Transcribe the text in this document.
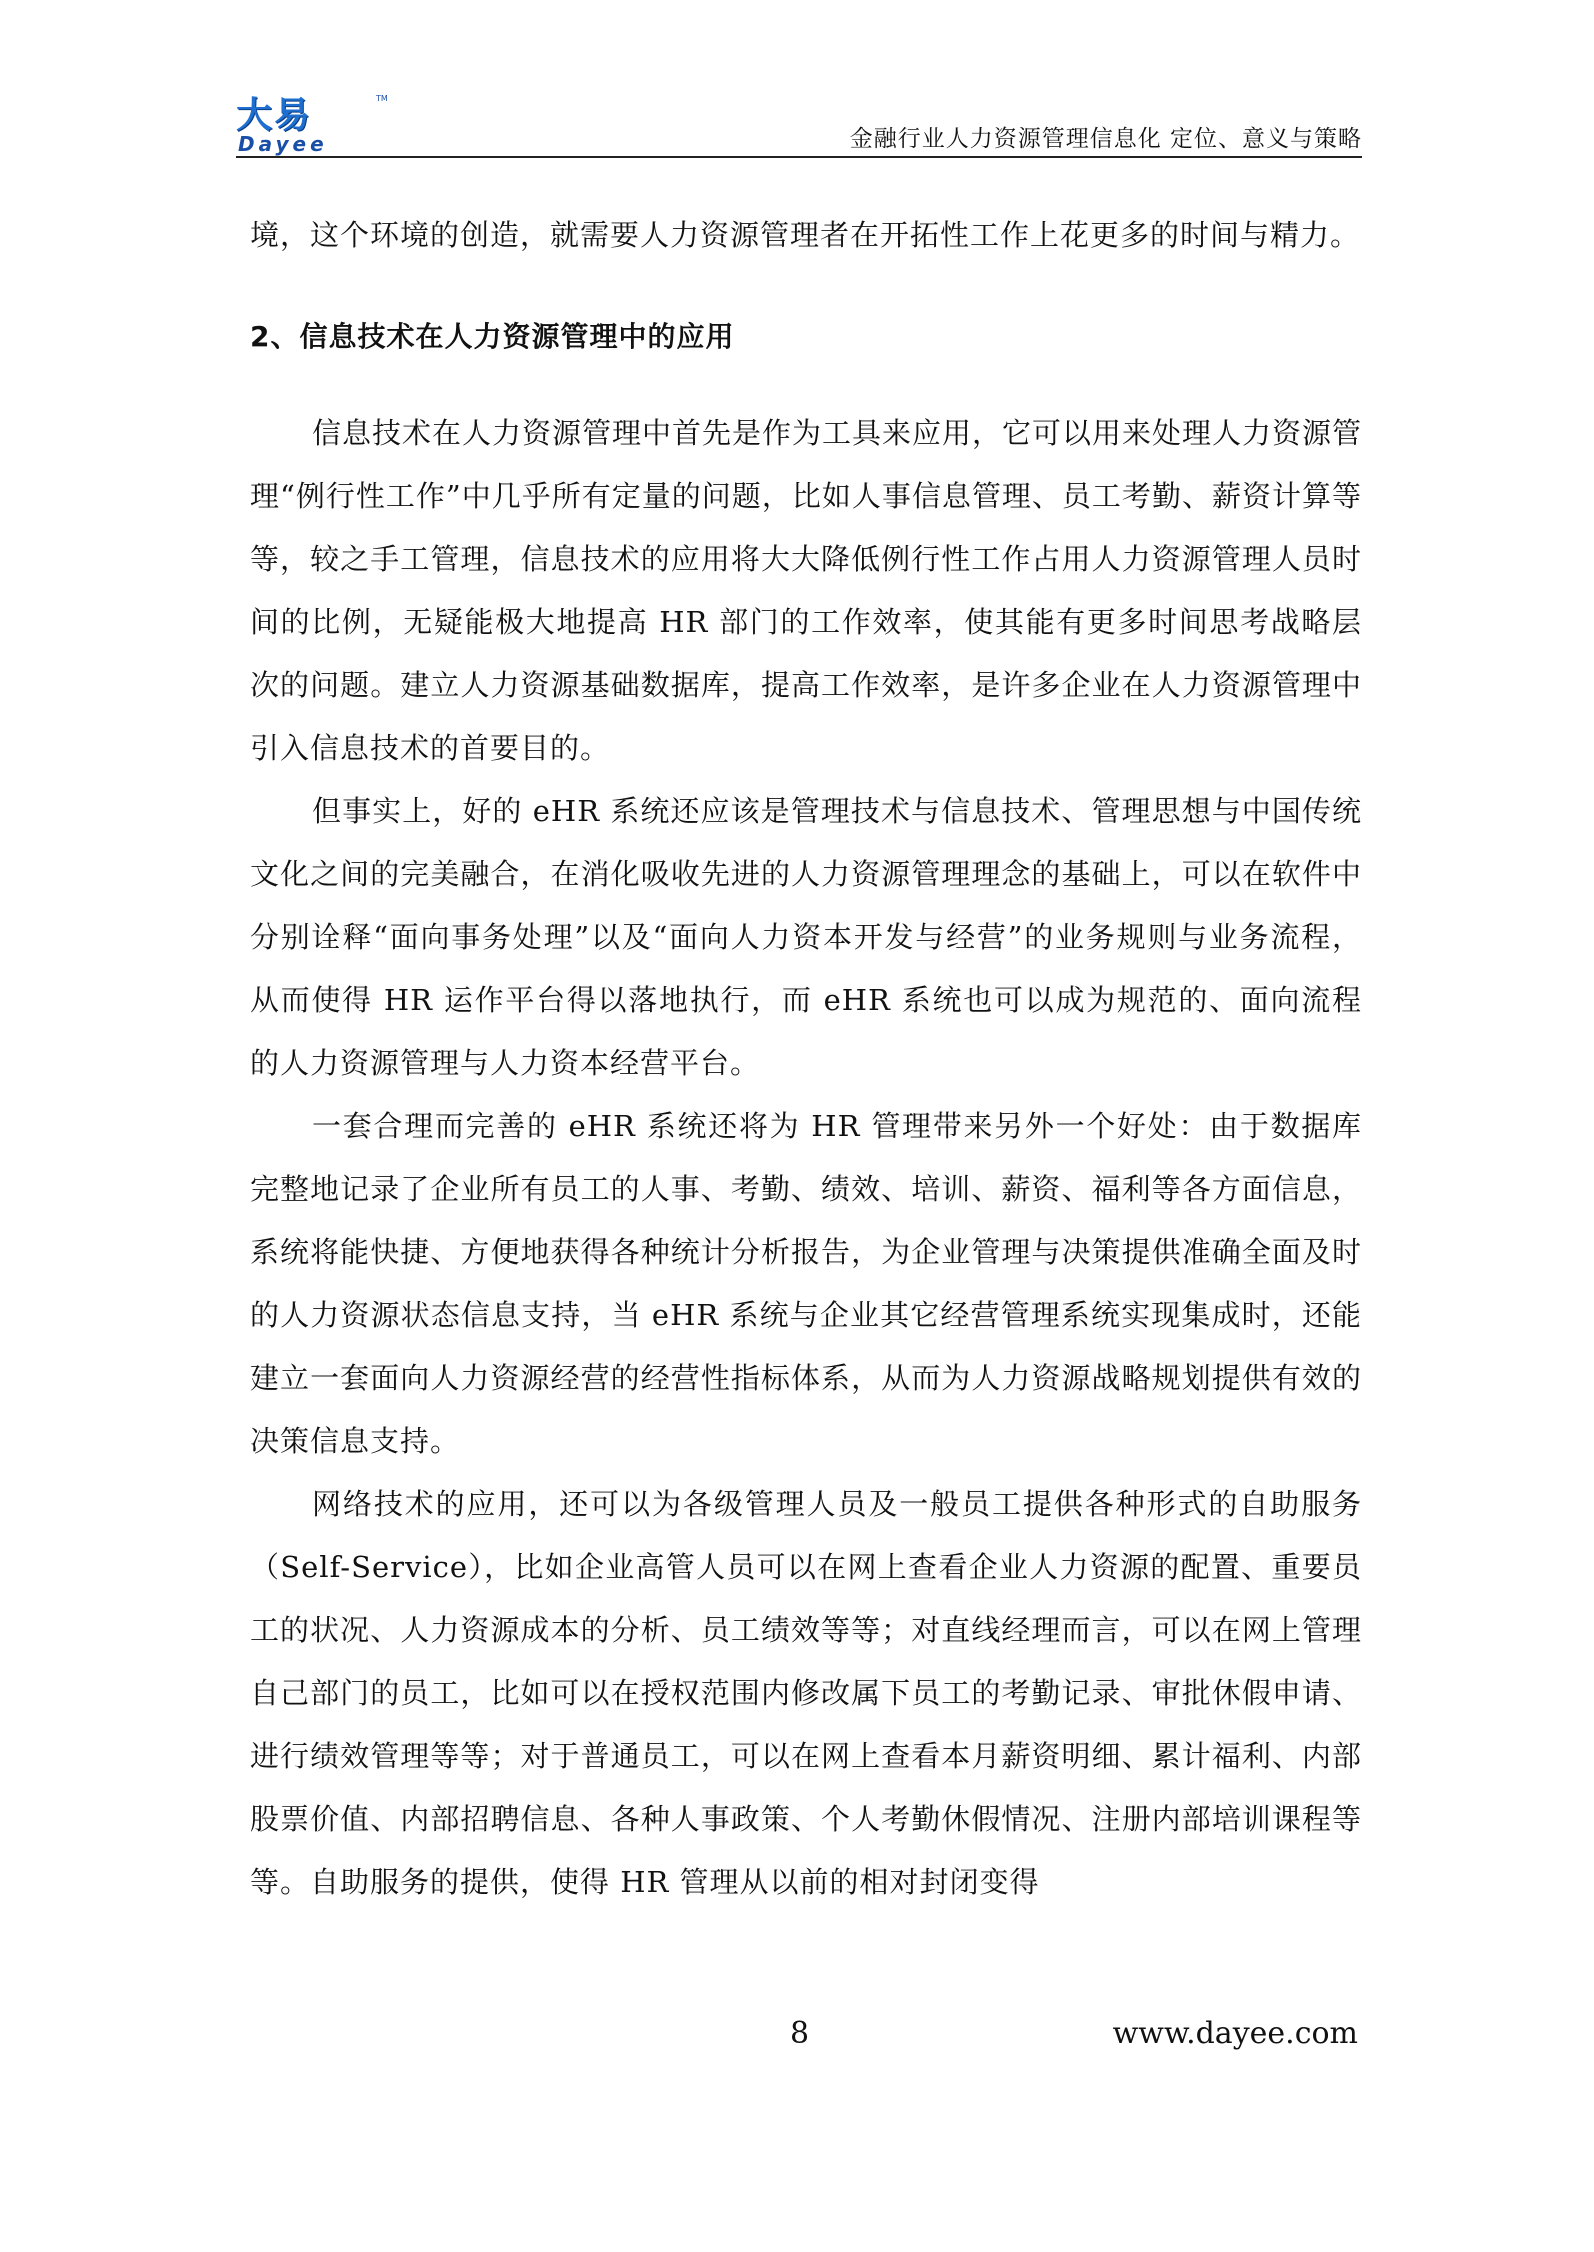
大易
Dayee
TM
金融行业人力资源管理信息化 定位、意义与策略

境，这个环境的创造，就需要人力资源管理者在开拓性工作上花更多的时间与精力。

2、信息技术在人力资源管理中的应用

信息技术在人力资源管理中首先是作为工具来应用，它可以用来处理人力资源管理“例行性工作”中几乎所有定量的问题，比如人事信息管理、员工考勤、薪资计算等等，较之手工管理，信息技术的应用将大大降低例行性工作占用人力资源管理人员时间的比例，无疑能极大地提高 HR 部门的工作效率，使其能有更多时间思考战略层次的问题。建立人力资源基础数据库，提高工作效率，是许多企业在人力资源管理中引入信息技术的首要目的。

但事实上，好的 eHR 系统还应该是管理技术与信息技术、管理思想与中国传统文化之间的完美融合，在消化吸收先进的人力资源管理理念的基础上，可以在软件中分别诠释“面向事务处理”以及“面向人力资本开发与经营”的业务规则与业务流程，从而使得 HR 运作平台得以落地执行，而 eHR 系统也可以成为规范的、面向流程的人力资源管理与人力资本经营平台。

一套合理而完善的 eHR 系统还将为 HR 管理带来另外一个好处：由于数据库完整地记录了企业所有员工的人事、考勤、绩效、培训、薪资、福利等各方面信息，系统将能快捷、方便地获得各种统计分析报告，为企业管理与决策提供准确全面及时的人力资源状态信息支持，当 eHR 系统与企业其它经营管理系统实现集成时，还能建立一套面向人力资源经营的经营性指标体系，从而为人力资源战略规划提供有效的决策信息支持。

网络技术的应用，还可以为各级管理人员及一般员工提供各种形式的自助服务（Self-Service），比如企业高管人员可以在网上查看企业人力资源的配置、重要员工的状况、人力资源成本的分析、员工绩效等等；对直线经理而言，可以在网上管理自己部门的员工，比如可以在授权范围内修改属下员工的考勤记录、审批休假申请、进行绩效管理等等；对于普通员工，可以在网上查看本月薪资明细、累计福利、内部股票价值、内部招聘信息、各种人事政策、个人考勤休假情况、注册内部培训课程等等。自助服务的提供，使得 HR 管理从以前的相对封闭变得

8	www.dayee.com
